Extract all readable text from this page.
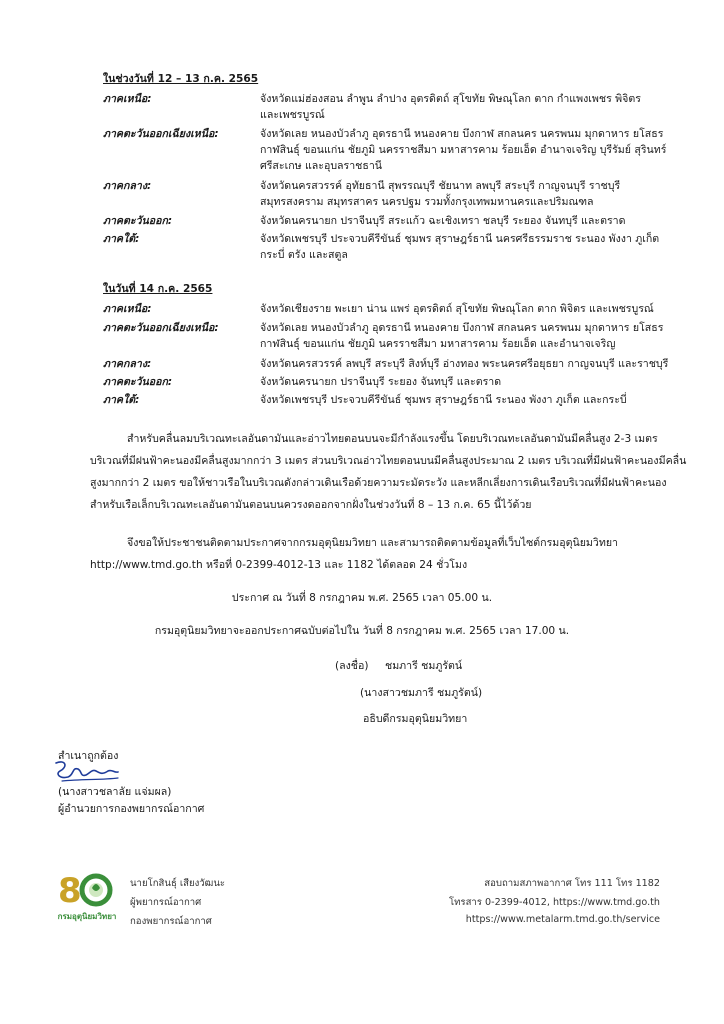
ในช่วงวันที่ 12 – 13 ก.ค. 2565
ภาคเหนือ:	จังหวัดแม่ฮ่องสอน ลำพูน ลำปาง อุตรดิตถ์ สุโขทัย พิษณุโลก ตาก กำแพงเพชร พิจิตร
และเพชรบูรณ์
ภาคตะวันออกเฉียงเหนือ:	จังหวัดเลย หนองบัวลำภู อุดรธานี หนองคาย บึงกาฬ สกลนคร นครพนม มุกดาหาร ยโสธร
กาฬสินธุ์ ขอนแก่น ชัยภูมิ นครราชสีมา มหาสารคาม ร้อยเอ็ด อำนาจเจริญ บุรีรัมย์ สุรินทร์
ศรีสะเกษ และอุบลราชธานี
ภาคกลาง:	จังหวัดนครสวรรค์ อุทัยธานี สุพรรณบุรี ชัยนาท ลพบุรี สระบุรี กาญจนบุรี ราชบุรี
สมุทรสงคราม สมุทรสาคร นครปฐม รวมทั้งกรุงเทพมหานครและปริมณฑล
ภาคตะวันออก:	จังหวัดนครนายก ปราจีนบุรี สระแก้ว ฉะเชิงเทรา ชลบุรี ระยอง จันทบุรี และตราด
ภาคใต้:	จังหวัดเพชรบุรี ประจวบคีรีขันธ์ ชุมพร สุราษฎร์ธานี นครศรีธรรมราช ระนอง พังงา ภูเก็ต
กระบี่ ตรัง และสตูล
ในวันที่ 14 ก.ค. 2565
ภาคเหนือ:	จังหวัดเชียงราย พะเยา น่าน แพร่ อุตรดิตถ์ สุโขทัย พิษณุโลก ตาก พิจิตร และเพชรบูรณ์
ภาคตะวันออกเฉียงเหนือ:	จังหวัดเลย หนองบัวลำภู อุดรธานี หนองคาย บึงกาฬ สกลนคร นครพนม มุกดาหาร ยโสธร
กาฬสินธุ์ ขอนแก่น ชัยภูมิ นครราชสีมา มหาสารคาม ร้อยเอ็ด และอำนาจเจริญ
ภาคกลาง:	จังหวัดนครสวรรค์ ลพบุรี สระบุรี สิงห์บุรี อ่างทอง พระนครศรีอยุธยา กาญจนบุรี และราชบุรี
ภาคตะวันออก:	จังหวัดนครนายก ปราจีนบุรี ระยอง จันทบุรี และตราด
ภาคใต้:	จังหวัดเพชรบุรี ประจวบคีรีขันธ์ ชุมพร สุราษฎร์ธานี ระนอง พังงา ภูเก็ต และกระบี่
สำหรับคลื่นลมบริเวณทะเลอันดามันและอ่าวไทยตอนบนจะมีกำลังแรงขึ้น โดยบริเวณทะเลอันดามันมีคลื่นสูง 2-3 เมตร
บริเวณที่มีฝนฟ้าคะนองมีคลื่นสูงมากกว่า 3 เมตร ส่วนบริเวณอ่าวไทยตอนบนมีคลื่นสูงประมาณ 2 เมตร บริเวณที่มีฝนฟ้าคะนองมีคลื่น
สูงมากกว่า 2 เมตร ขอให้ชาวเรือในบริเวณดังกล่าวเดินเรือด้วยความระมัดระวัง และหลีกเลี่ยงการเดินเรือบริเวณที่มีฝนฟ้าคะนอง
สำหรับเรือเล็กบริเวณทะเลอันดามันตอนบนควรงดออกจากฝั่งในช่วงวันที่ 8 – 13 ก.ค. 65 นี้ไว้ด้วย
จึงขอให้ประชาชนติดตามประกาศจากกรมอุตุนิยมวิทยา และสามารถติดตามข้อมูลที่เว็บไซต์กรมอุตุนิยมวิทยา
http://www.tmd.go.th หรือที่ 0-2399-4012-13 และ 1182 ได้ตลอด 24 ชั่วโมง
ประกาศ ณ วันที่ 8 กรกฎาคม พ.ศ. 2565 เวลา 05.00 น.
กรมอุตุนิยมวิทยาจะออกประกาศฉบับต่อไปใน วันที่ 8 กรกฎาคม พ.ศ. 2565 เวลา 17.00 น.
(ลงชื่อ) ชมภารี ชมภูรัตน์
(นางสาวชมภารี ชมภูรัตน์)
อธิบดีกรมอุตุนิยมวิทยา
สำเนาถูกต้อง
(นางสาวชลาลัย แจ่มผล)
ผู้อำนวยการกองพยากรณ์อากาศ
8
กรมอุตุนิยมวิทยา
นายโกสินธุ์ เสียงวัฒนะ
ผู้พยากรณ์อากาศ
กองพยากรณ์อากาศ
สอบถามสภาพอากาศ โทร 111 โทร 1182
โทรสาร 0-2399-4012, https://www.tmd.go.th
https://www.metalarm.tmd.go.th/service
